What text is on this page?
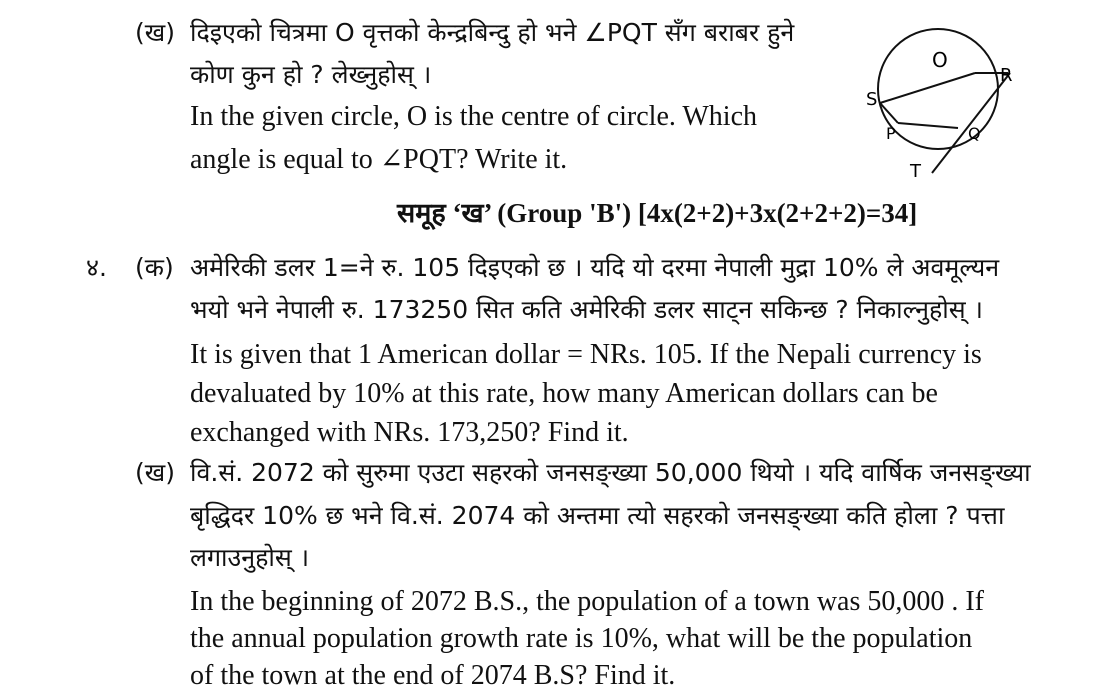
(ख) दिइएको चित्रमा O वृत्तको केन्द्रबिन्दु हो भने ∠PQT सँग बराबर हुने
कोण कुन हो ? लेख्नुहोस् ।
In the given circle, O is the centre of circle. Which
angle is equal to ∠PQT? Write it.
O
R
S
P	Q
T
समूह ‘ख’ (Group 'B') [4x(2+2)+3x(2+2+2)=34]
४. (क) अमेरिकी डलर 1=ने रु. 105 दिइएको छ । यदि यो दरमा नेपाली मुद्रा 10% ले अवमूल्यन
भयो भने नेपाली रु. 173250 सित कति अमेरिकी डलर साट्न सकिन्छ ? निकाल्नुहोस् ।
It is given that 1 American dollar = NRs. 105. If the Nepali currency is
devaluated by 10% at this rate, how many American dollars can be
exchanged with NRs. 173,250? Find it.
(ख) वि.सं. 2072 को सुरुमा एउटा सहरको जनसङ्ख्या 50,000 थियो । यदि वार्षिक जनसङ्ख्या
बृद्धिदर 10% छ भने वि.सं. 2074 को अन्तमा त्यो सहरको जनसङ्ख्या कति होला ? पत्ता
लगाउनुहोस् ।
In the beginning of 2072 B.S., the population of a town was 50,000 . If
the annual population growth rate is 10%, what will be the population
of the town at the end of 2074 B.S? Find it.
